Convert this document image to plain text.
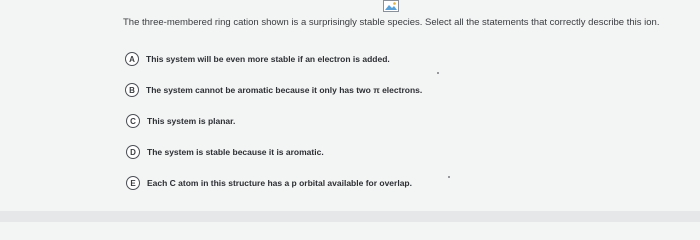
The three-membered ring cation shown is a surprisingly stable species. Select all the statements that correctly describe this ion.
A	This system will be even more stable if an electron is added.
B	The system cannot be aromatic because it only has two π electrons.
C	This system is planar.
D	The system is stable because it is aromatic.
E	Each C atom in this structure has a p orbital available for overlap.
